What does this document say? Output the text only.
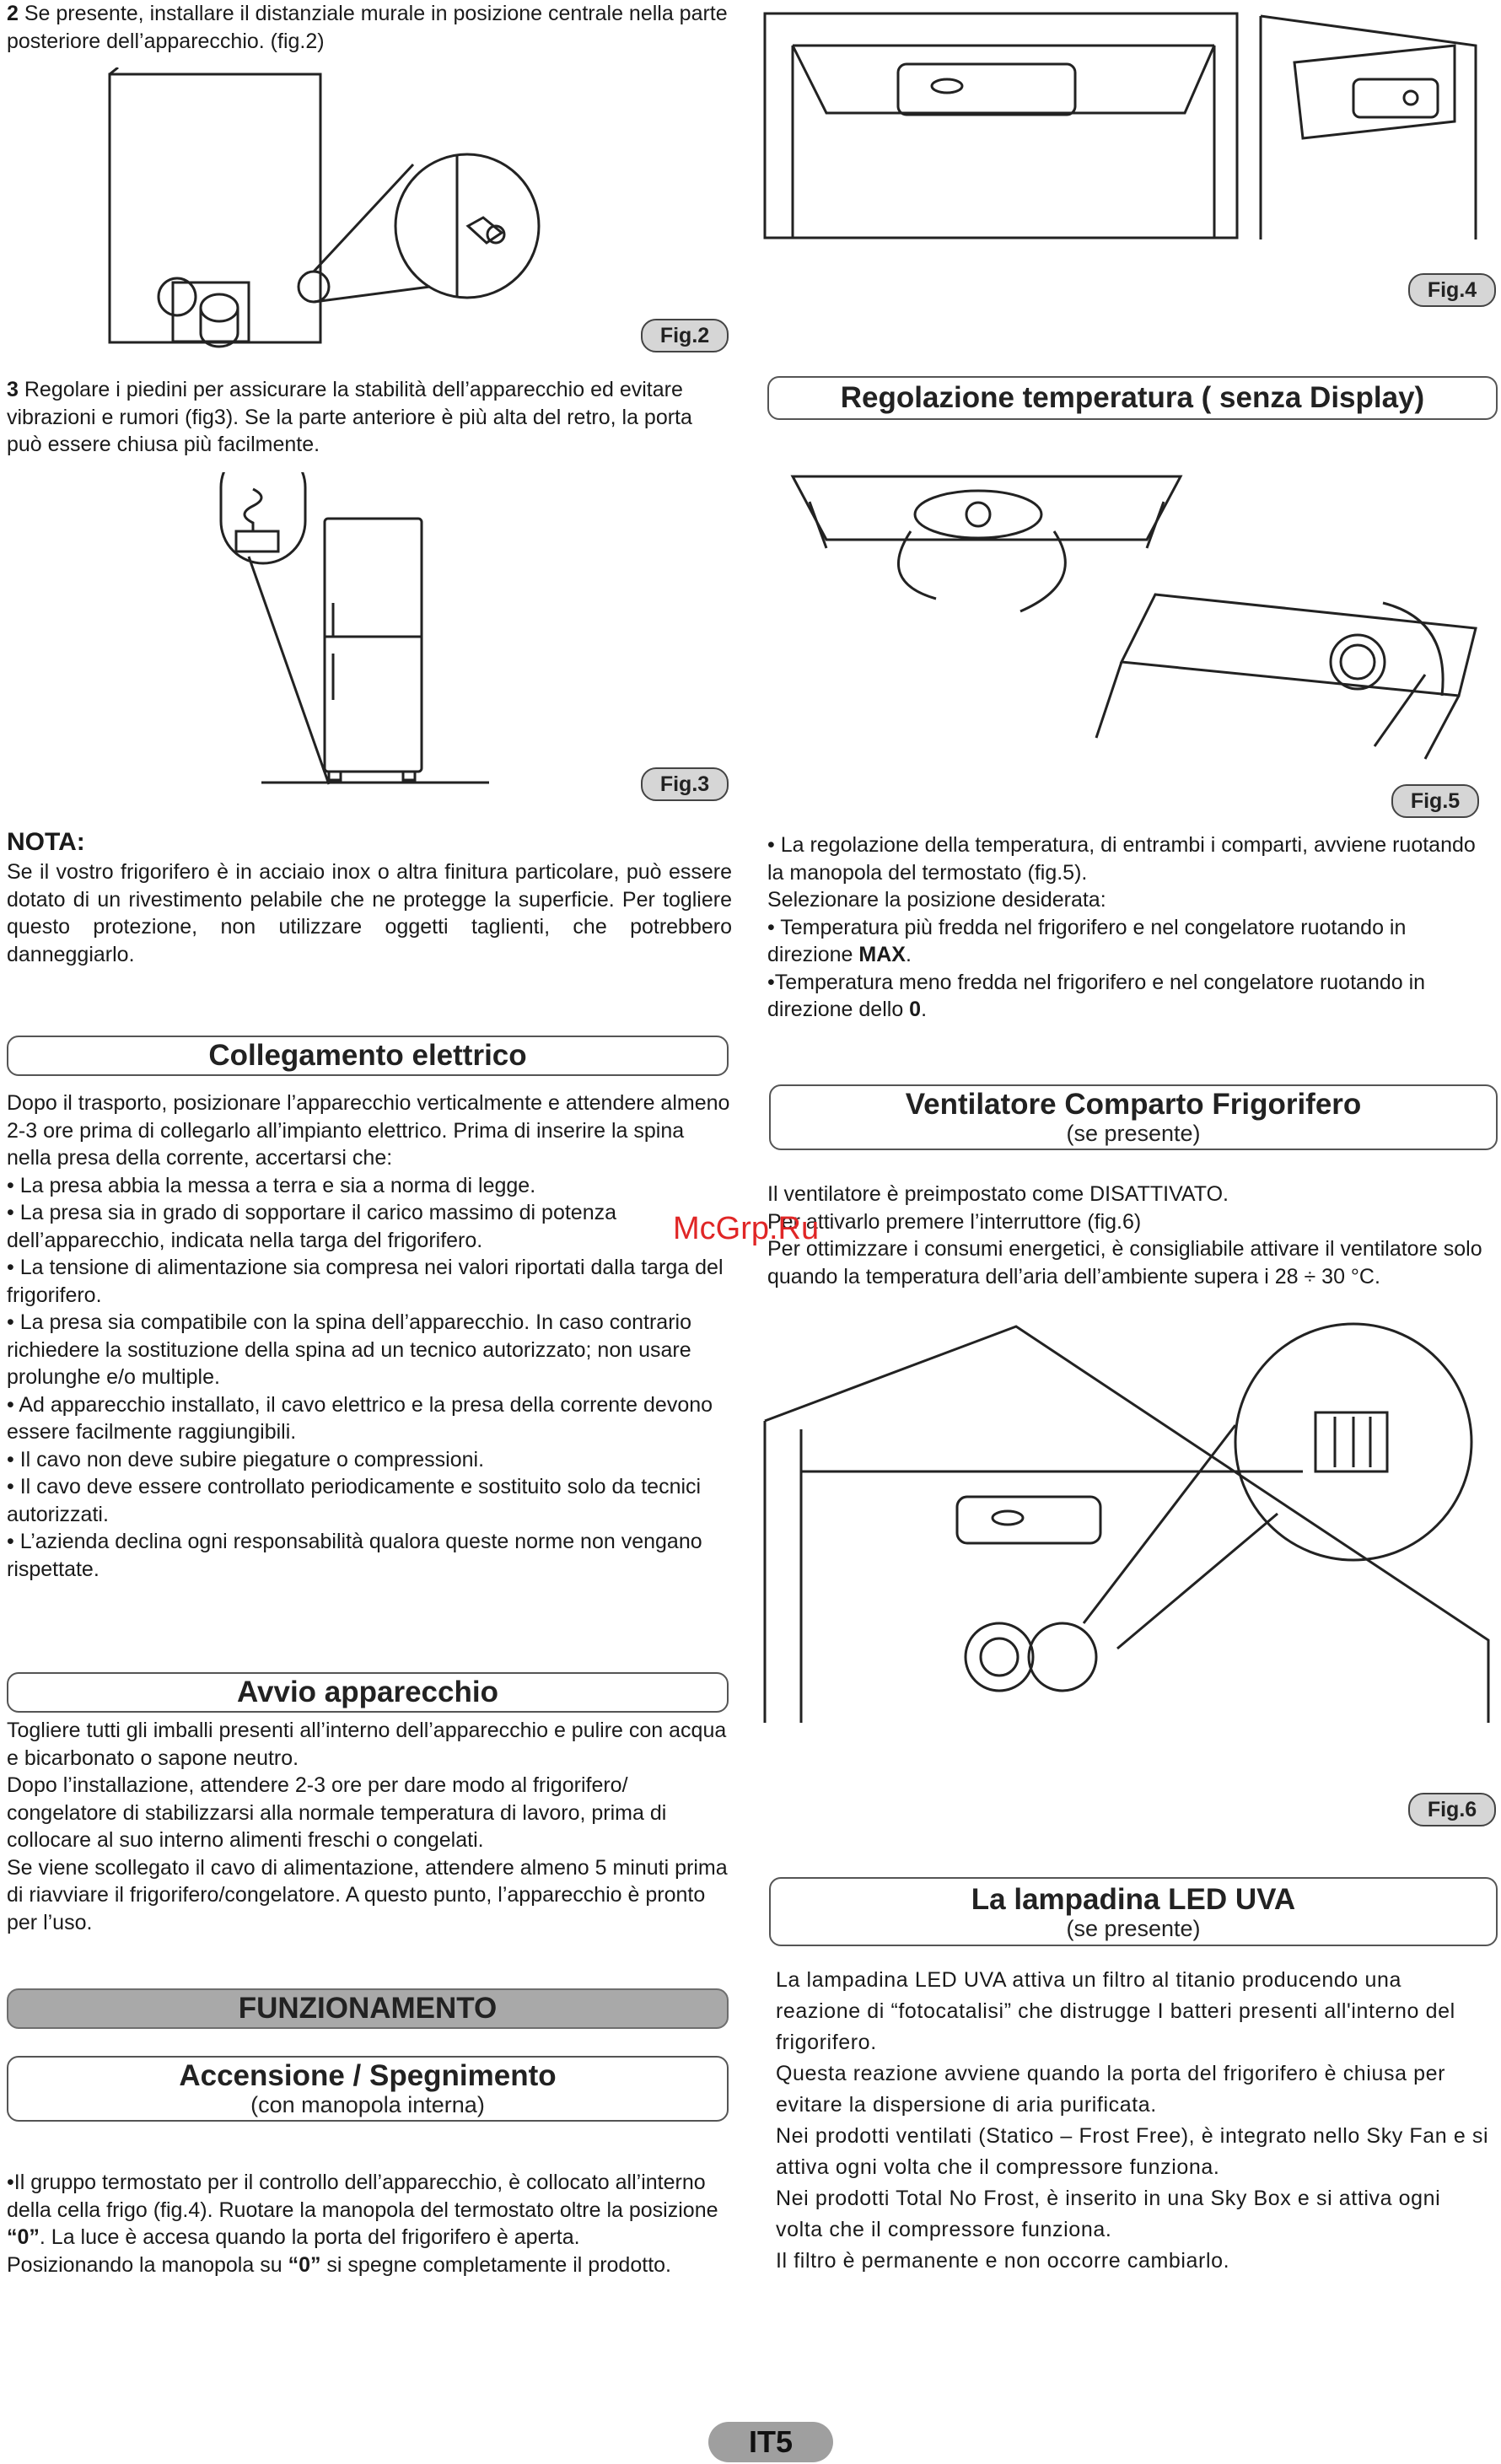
2 Se presente, installare il distanziale murale in posizione centrale nella parte posteriore dell’apparecchio. (fig.2)

Fig.2

3 Regolare i piedini per assicurare la stabilità dell’apparecchio ed evitare vibrazioni e rumori (fig3). Se la parte anteriore è più alta del retro, la porta può essere chiusa più facilmente.

Fig.3

NOTA:

Se il vostro frigorifero è in acciaio inox o altra finitura particolare, può essere dotato di un rivestimento pelabile che ne protegge la superficie. Per togliere questo protezione, non utilizzare oggetti taglienti, che potrebbero danneggiarlo.

Collegamento elettrico

Dopo il trasporto, posizionare l’apparecchio verticalmente e attendere almeno 2-3 ore prima di collegarlo all’impianto elettrico. Prima di inserire la spina nella presa della corrente, accertarsi che:

• La presa abbia la messa a terra e sia a norma di legge.

• La presa sia in grado di sopportare il carico massimo di potenza dell’apparecchio, indicata nella targa del frigorifero.

• La tensione di alimentazione sia compresa nei valori riportati dalla targa del frigorifero.

• La presa sia compatibile con la spina dell’apparecchio. In caso contrario richiedere la sostituzione della spina ad un tecnico autorizzato; non usare prolunghe e/o multiple.

• Ad apparecchio installato, il cavo elettrico e la presa della corrente devono essere facilmente raggiungibili.

• Il cavo non deve subire piegature o compressioni.

• Il cavo deve essere controllato periodicamente e sostituito solo da tecnici autorizzati.

• L’azienda declina ogni responsabilità qualora queste norme non vengano rispettate.

Avvio apparecchio

Togliere tutti gli imballi presenti all’interno dell’apparecchio e pulire con acqua e bicarbonato o sapone neutro.

Dopo l’installazione, attendere 2-3 ore per dare modo al frigorifero/ congelatore di stabilizzarsi alla normale temperatura di lavoro, prima di collocare al suo interno alimenti freschi o congelati.

Se viene scollegato il cavo di alimentazione, attendere almeno 5 minuti prima di riavviare il frigorifero/congelatore. A questo punto, l’apparecchio è pronto per l’uso.

FUNZIONAMENTO
Accensione / Spegnimento
(con manopola interna)

•Il gruppo termostato per il controllo dell’apparecchio, è collocato all’interno della cella frigo (fig.4). Ruotare la manopola del termostato oltre la posizione “0”. La luce è accesa quando la porta del frigorifero è aperta.

Posizionando la manopola su “0” si spegne completamente il prodotto.

Fig.4
Regolazione temperatura ( senza Display)
Fig.5

• La regolazione della temperatura, di entrambi i comparti, avviene ruotando la manopola del termostato (fig.5).

Selezionare la posizione desiderata:

• Temperatura più fredda nel frigorifero e nel congelatore ruotando in direzione MAX.

•Temperatura meno fredda nel frigorifero e nel congelatore ruotando in direzione dello 0.

Ventilatore Comparto Frigorifero
(se presente)

Il ventilatore è preimpostato come DISATTIVATO.

Per attivarlo premere l’interruttore (fig.6)

Per ottimizzare i consumi energetici, è consigliabile attivare il ventilatore solo quando la temperatura dell’aria dell’ambiente supera i 28 ÷ 30 °C.

Fig.6
La lampadina LED UVA
(se presente)

La lampadina LED UVA attiva un filtro al titanio producendo una reazione di “fotocatalisi” che distrugge I batteri presenti all'interno del frigorifero.

Questa reazione avviene quando la porta del frigorifero è chiusa per evitare la dispersione di aria purificata.

Nei prodotti ventilati (Statico – Frost Free), è integrato nello Sky Fan e si attiva ogni volta che il compressore funziona.

Nei prodotti Total No Frost, è inserito in una Sky Box e si attiva ogni volta che il compressore funziona.

Il filtro è permanente e non occorre cambiarlo.

McGrp.Ru
IT5
